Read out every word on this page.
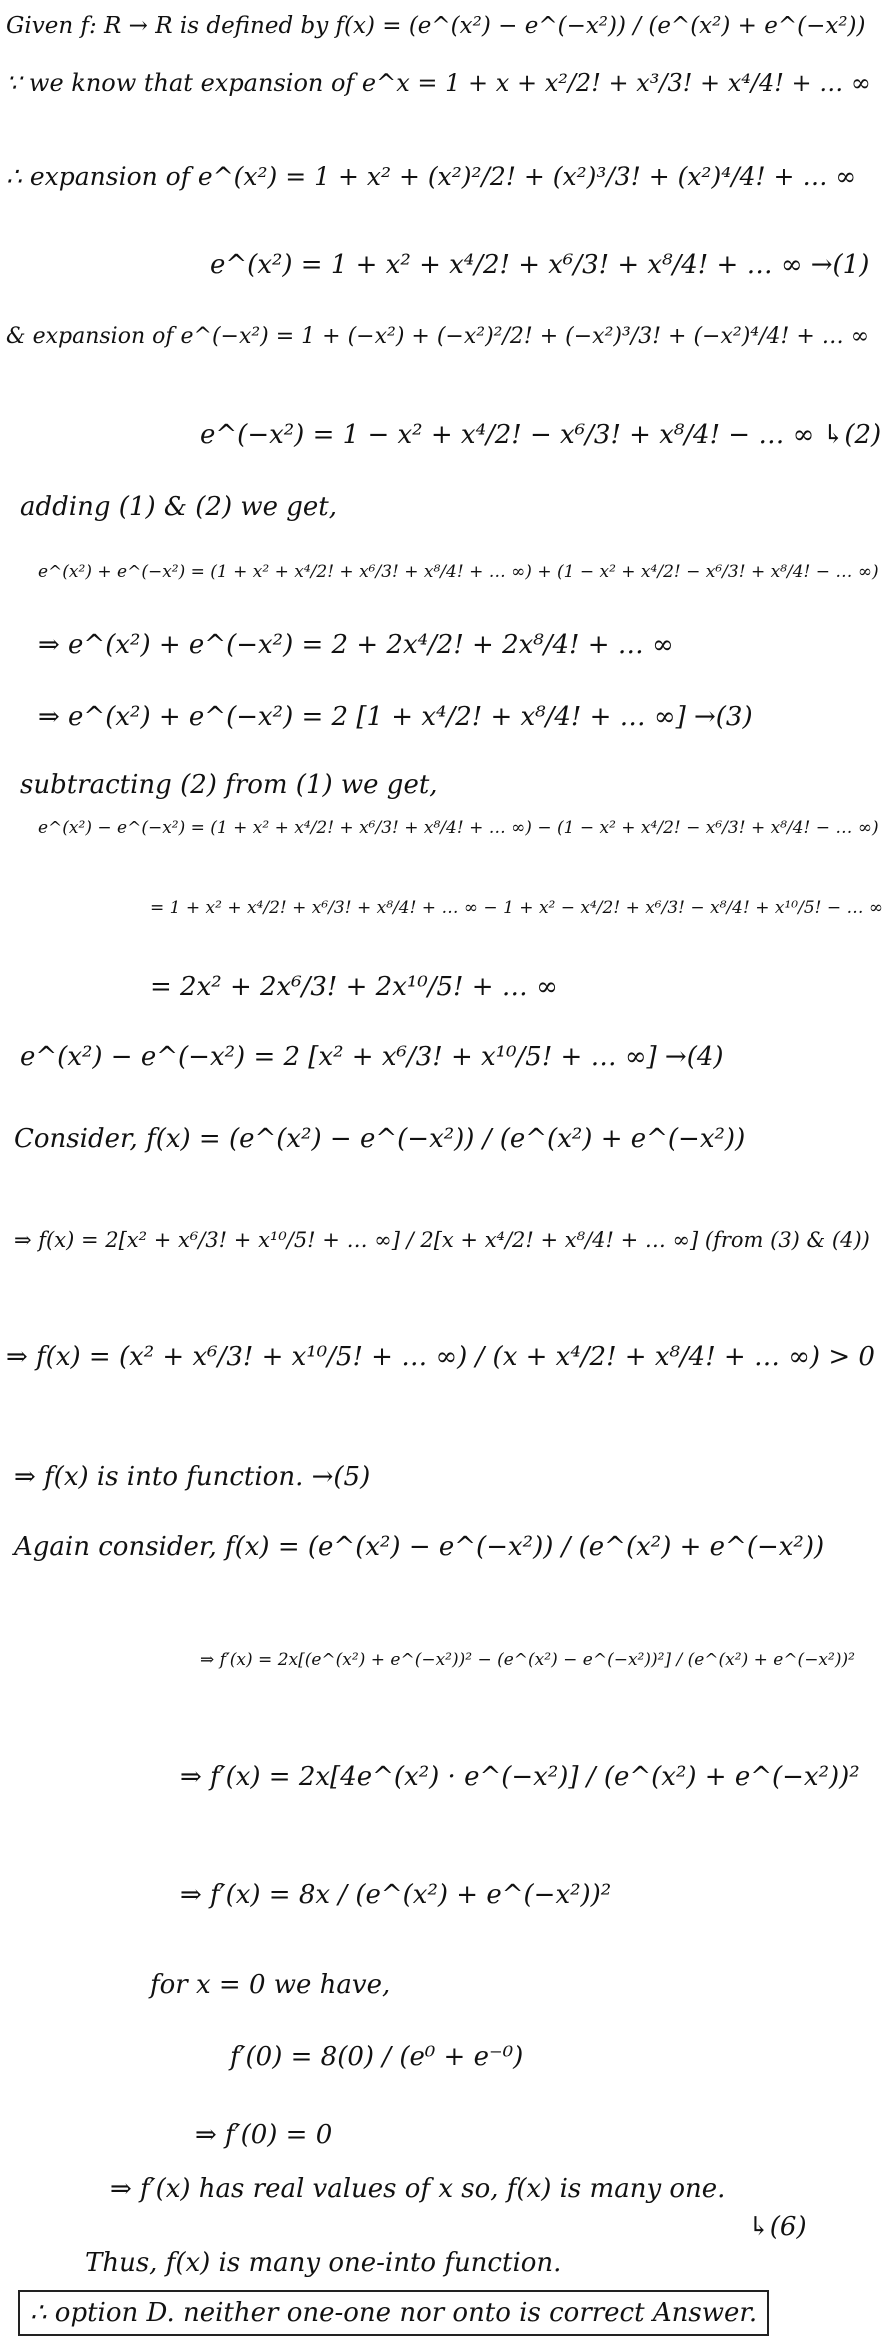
Given f: R → R is defined by f(x) = (e^(x²) − e^(−x²)) / (e^(x²) + e^(−x²))
∵ we know that expansion of e^x = 1 + x + x²/2! + x³/3! + x⁴/4! + … ∞
∴ expansion of e^(x²) = 1 + x² + (x²)²/2! + (x²)³/3! + (x²)⁴/4! + … ∞
e^(x²) = 1 + x² + x⁴/2! + x⁶/3! + x⁸/4! + … ∞ →(1)
& expansion of e^(−x²) = 1 + (−x²) + (−x²)²/2! + (−x²)³/3! + (−x²)⁴/4! + … ∞
e^(−x²) = 1 − x² + x⁴/2! − x⁶/3! + x⁸/4! − … ∞ ↳(2)
adding (1) & (2) we get,
e^(x²) + e^(−x²) = (1 + x² + x⁴/2! + x⁶/3! + x⁸/4! + … ∞) + (1 − x² + x⁴/2! − x⁶/3! + x⁸/4! − … ∞)
⇒ e^(x²) + e^(−x²) = 2 + 2x⁴/2! + 2x⁸/4! + … ∞
⇒ e^(x²) + e^(−x²) = 2 [1 + x⁴/2! + x⁸/4! + … ∞] →(3)
subtracting (2) from (1) we get,
e^(x²) − e^(−x²) = (1 + x² + x⁴/2! + x⁶/3! + x⁸/4! + … ∞) − (1 − x² + x⁴/2! − x⁶/3! + x⁸/4! − … ∞)
= 1 + x² + x⁴/2! + x⁶/3! + x⁸/4! + … ∞ − 1 + x² − x⁴/2! + x⁶/3! − x⁸/4! + x¹⁰/5! − … ∞
= 2x² + 2x⁶/3! + 2x¹⁰/5! + … ∞
e^(x²) − e^(−x²) = 2 [x² + x⁶/3! + x¹⁰/5! + … ∞] →(4)
Consider, f(x) = (e^(x²) − e^(−x²)) / (e^(x²) + e^(−x²))
⇒ f(x) = 2[x² + x⁶/3! + x¹⁰/5! + … ∞] / 2[x + x⁴/2! + x⁸/4! + … ∞] (from (3) & (4))
⇒ f(x) = (x² + x⁶/3! + x¹⁰/5! + … ∞) / (x + x⁴/2! + x⁸/4! + … ∞) > 0
⇒ f(x) is into function. →(5)
Again consider, f(x) = (e^(x²) − e^(−x²)) / (e^(x²) + e^(−x²))
⇒ f′(x) = 2x[(e^(x²) + e^(−x²))² − (e^(x²) − e^(−x²))²] / (e^(x²) + e^(−x²))²
⇒ f′(x) = 2x[4e^(x²) · e^(−x²)] / (e^(x²) + e^(−x²))²
⇒ f′(x) = 8x / (e^(x²) + e^(−x²))²
for x = 0 we have,
f′(0) = 8(0) / (e⁰ + e⁻⁰)
⇒ f′(0) = 0
⇒ f′(x) has real values of x so, f(x) is many one.
↳(6)
Thus, f(x) is many one-into function.
∴ option D. neither one-one nor onto is correct Answer.
